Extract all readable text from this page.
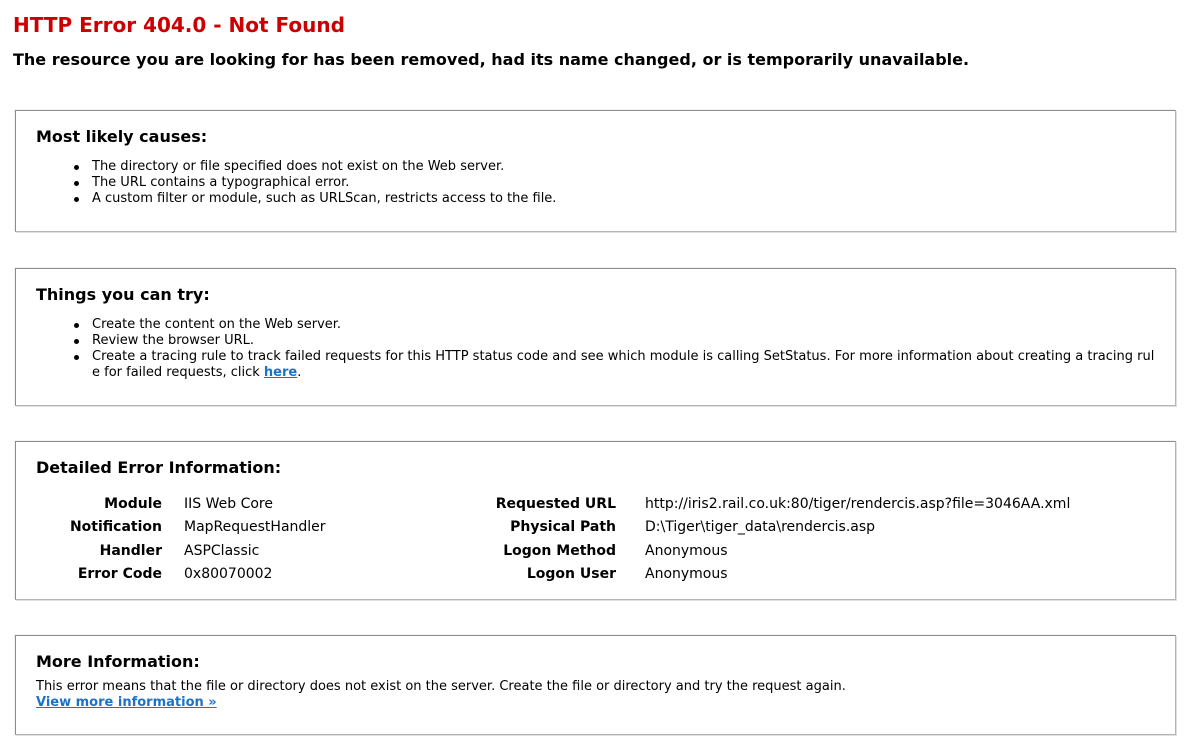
HTTP Error 404.0 - Not Found
The resource you are looking for has been removed, had its name changed, or is temporarily unavailable.
Most likely causes:
The directory or file specified does not exist on the Web server.
The URL contains a typographical error.
A custom filter or module, such as URLScan, restricts access to the file.
Things you can try:
Create the content on the Web server.
Review the browser URL.
Create a tracing rule to track failed requests for this HTTP status code and see which module is calling SetStatus. For more information about creating a tracing rule for failed requests, click here.
Detailed Error Information:
Module	IIS Web Core	Requested URL	http://iris2.rail.co.uk:80/tiger/rendercis.asp?file=3046AA.xml
Notification	MapRequestHandler	Physical Path	D:\Tiger\tiger_data\rendercis.asp
Handler	ASPClassic	Logon Method	Anonymous
Error Code	0x80070002	Logon User	Anonymous
More Information:
This error means that the file or directory does not exist on the server. Create the file or directory and try the request again.
View more information »
